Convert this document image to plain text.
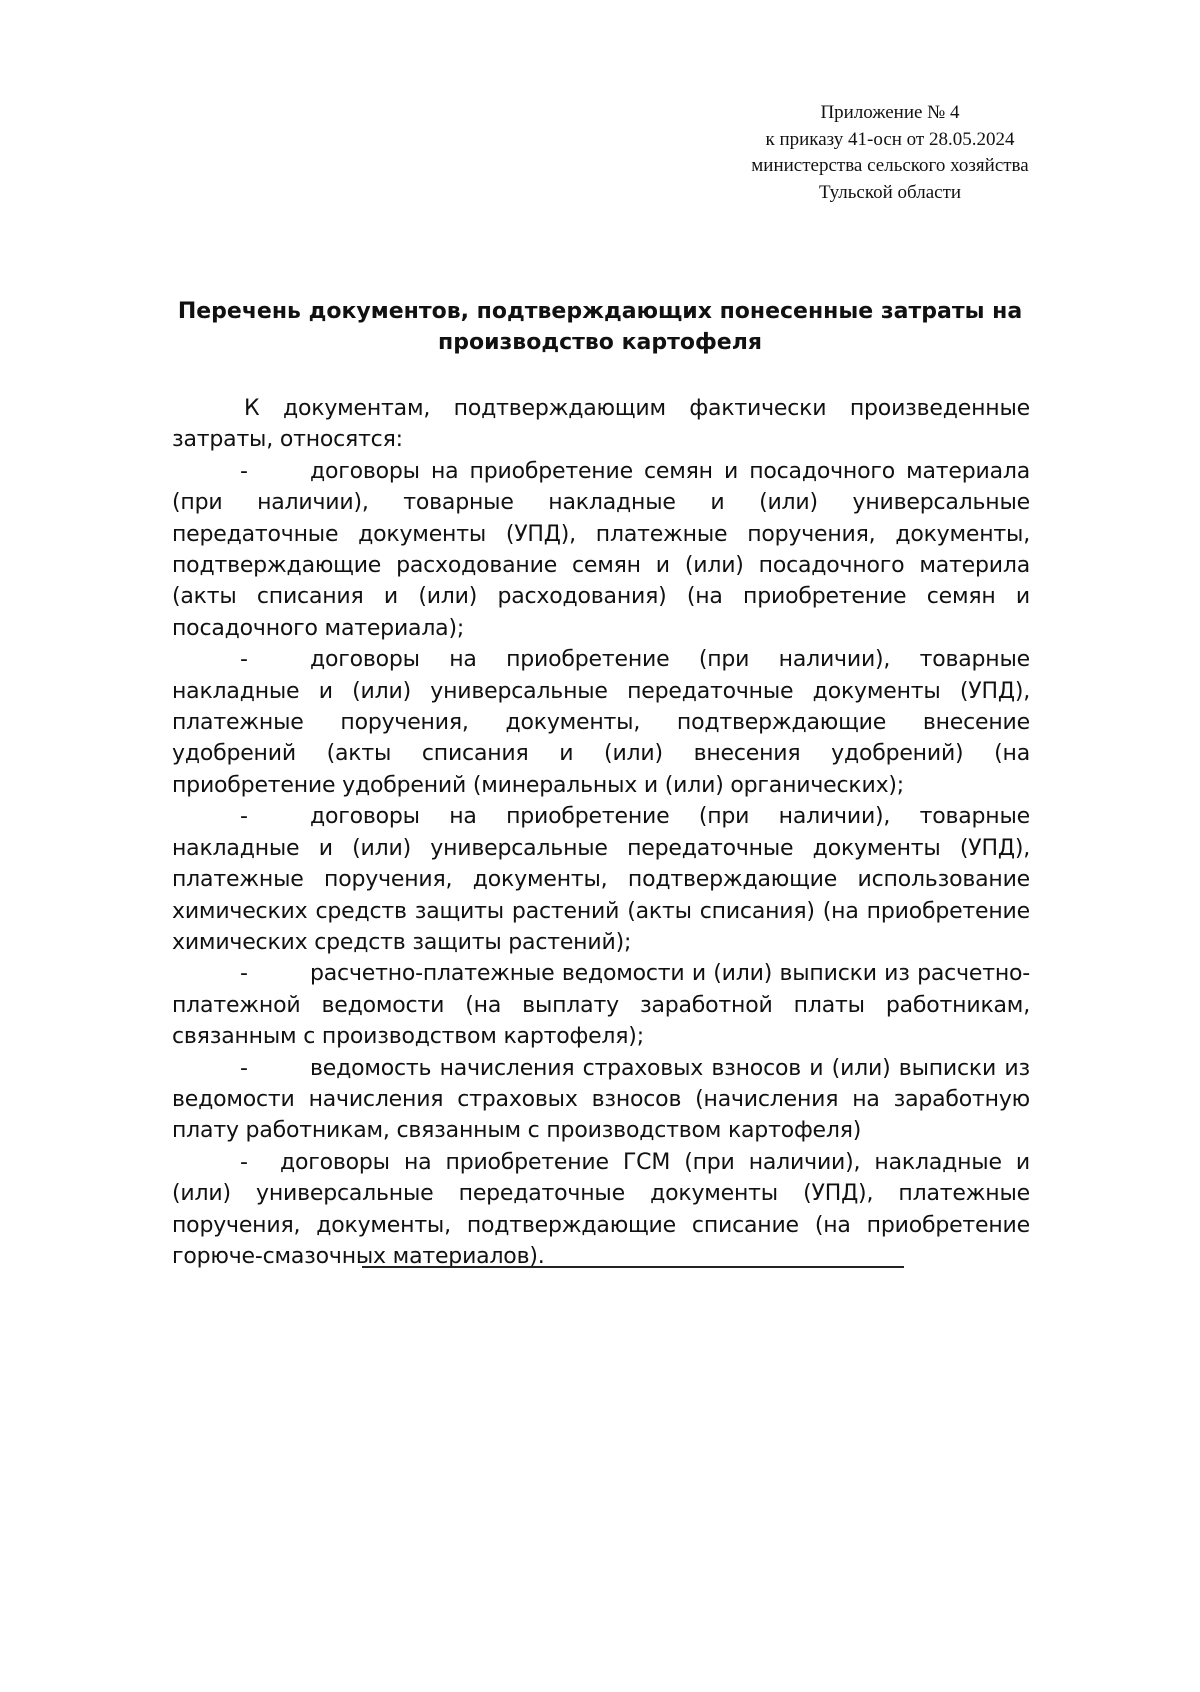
Приложение № 4
к приказу 41-осн от 28.05.2024
министерства сельского хозяйства
Тульской области
Перечень документов, подтверждающих понесенные затраты на
производство картофеля

К документам, подтверждающим фактически произведенные затраты, относятся:

-	договоры на приобретение семян и посадочного материала (при наличии), товарные накладные и (или) универсальные передаточные документы (УПД), платежные поручения, документы, подтверждающие расходование семян и (или) посадочного материла (акты списания и (или) расходования) (на приобретение семян и посадочного материала);

-	договоры на приобретение (при наличии), товарные накладные и (или) универсальные передаточные документы (УПД), платежные поручения, документы, подтверждающие внесение удобрений (акты списания и (или) внесения удобрений) (на приобретение удобрений (минеральных и (или) органических);

-	договоры на приобретение (при наличии), товарные накладные и (или) универсальные передаточные документы (УПД), платежные поручения, документы, подтверждающие использование химических средств защиты растений (акты списания) (на приобретение химических средств защиты растений);

-	расчетно-платежные ведомости и (или) выписки из расчетно-платежной ведомости (на выплату заработной платы работникам, связанным с производством картофеля);

-	ведомость начисления страховых взносов и (или) выписки из ведомости начисления страховых взносов (начисления на заработную плату работникам, связанным с производством картофеля)

- договоры на приобретение ГСМ (при наличии), накладные и (или) универсальные передаточные документы (УПД), платежные поручения, документы, подтверждающие списание (на приобретение горюче-смазочных материалов).
